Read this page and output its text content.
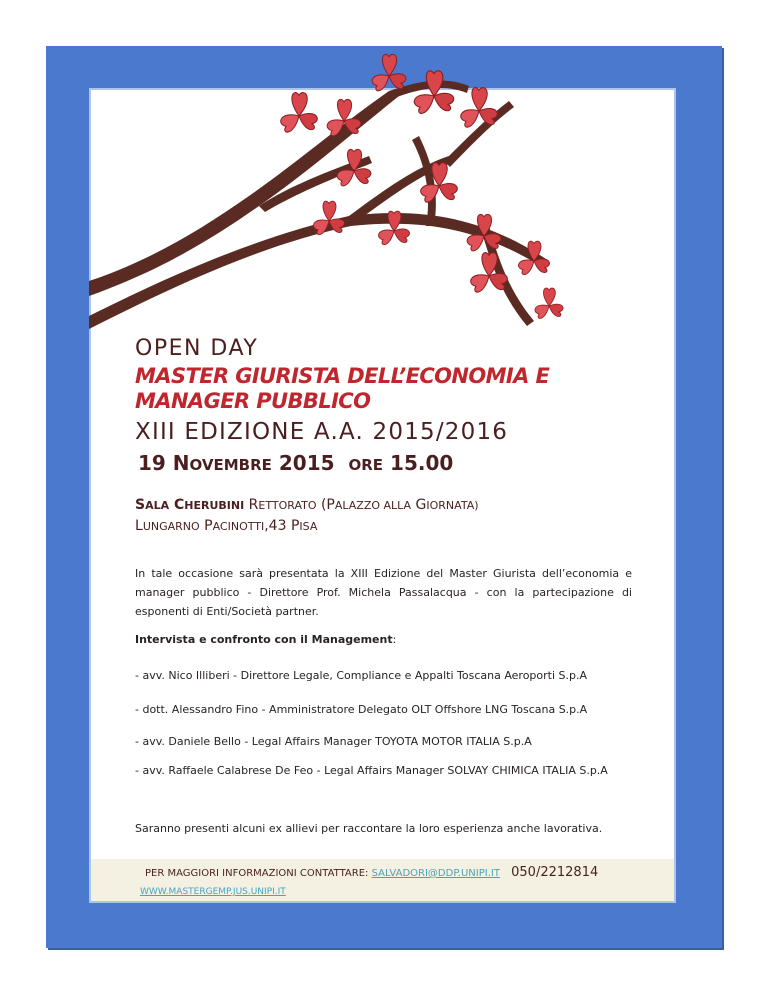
OPEN DAY
MASTER GIURISTA DELL’ECONOMIA E MANAGER PUBBLICO
XIII EDIZIONE A.A. 2015/2016
19 NOVEMBRE 2015 ORE 15.00
SALA CHERUBINI RETTORATO (PALAZZO ALLA GIORNATA)
LUNGARNO PACINOTTI,43 PISA
In tale occasione sarà presentata la XIII Edizione del Master Giurista dell’economia e manager pubblico - Direttore Prof. Michela Passalacqua - con la partecipazione di esponenti di Enti/Società partner.
Intervista e confronto con il Management:
- avv. Nico Illiberi - Direttore Legale, Compliance e Appalti Toscana Aeroporti S.p.A
- dott. Alessandro Fino - Amministratore Delegato OLT Offshore LNG Toscana S.p.A
- avv. Daniele Bello - Legal Affairs Manager TOYOTA MOTOR ITALIA S.p.A
- avv. Raffaele Calabrese De Feo - Legal Affairs Manager SOLVAY CHIMICA ITALIA S.p.A
Saranno presenti alcuni ex allievi per raccontare la loro esperienza anche lavorativa.
PER MAGGIORI INFORMAZIONI CONTATTARE: SALVADORI@DDP.UNIPI.IT 050/2212814
WWW.MASTERGEMP.JUS.UNIPI.IT
